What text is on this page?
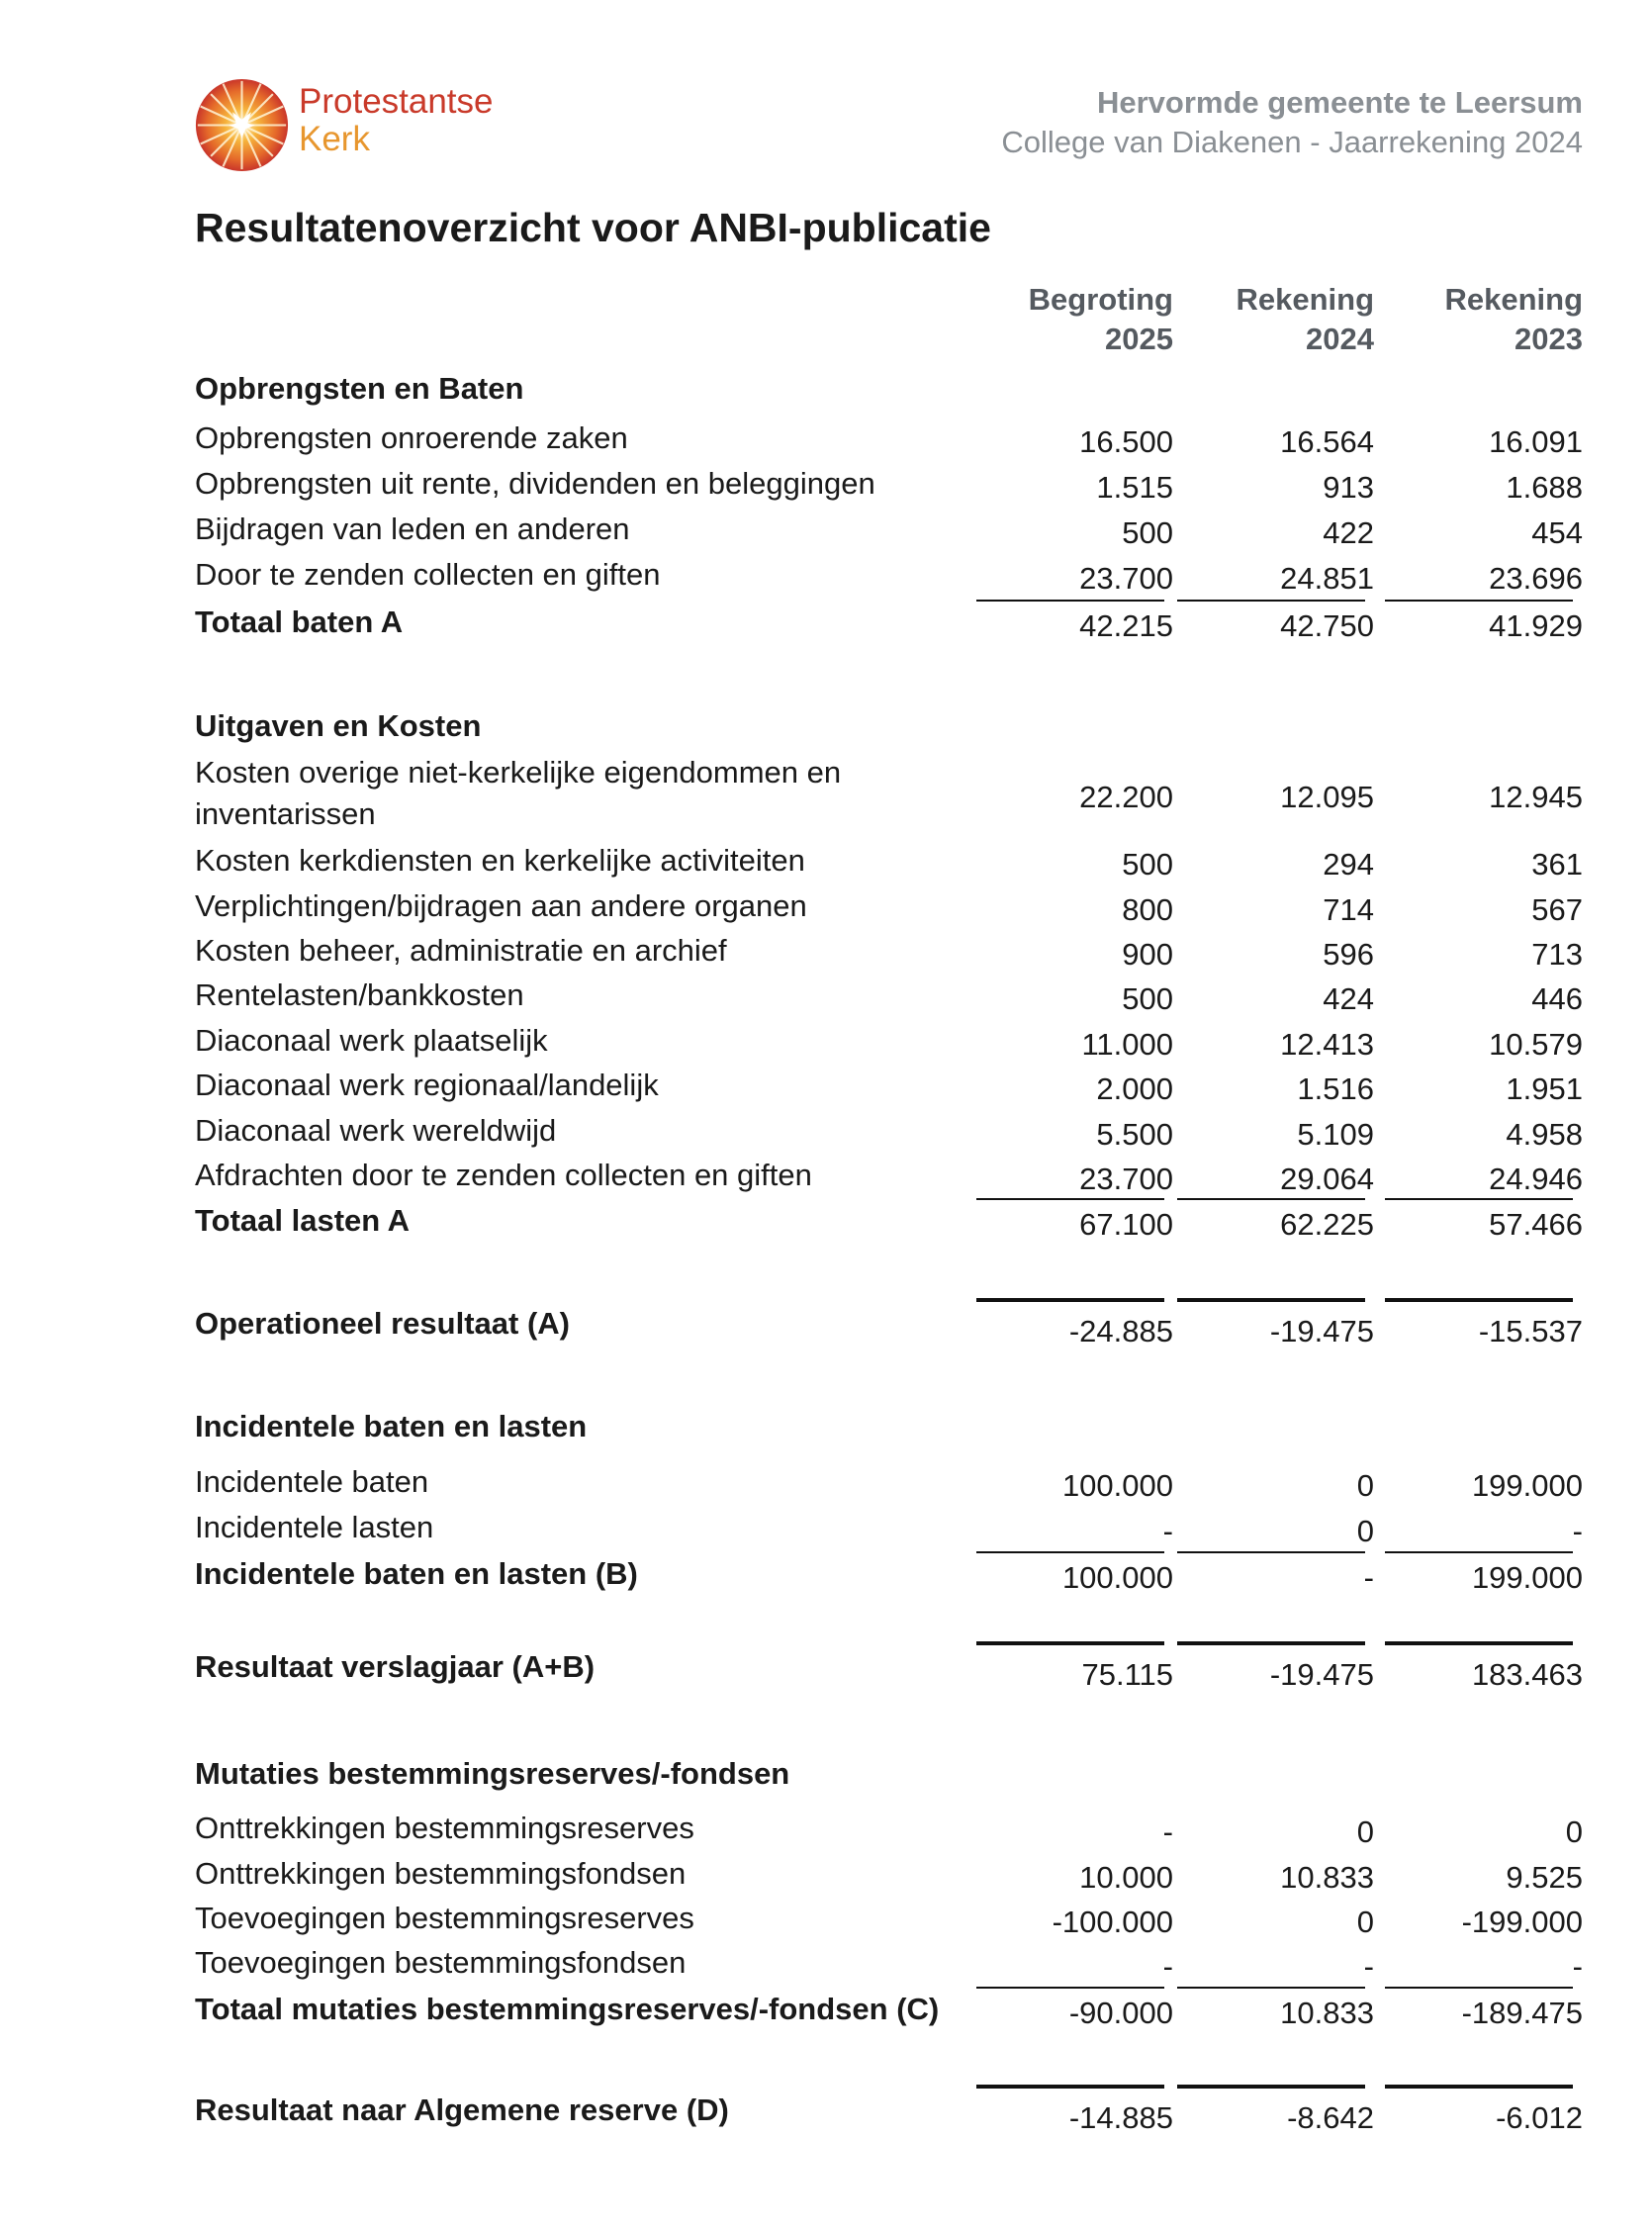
Protestantse
Kerk
Hervormde gemeente te Leersum
College van Diakenen - Jaarrekening 2024
Resultatenoverzicht voor ANBI-publicatie
Begroting
2025
Rekening
2024
Rekening
2023
Opbrengsten en Baten
Opbrengsten onroerende zaken	16.500	16.564	16.091
Opbrengsten uit rente, dividenden en beleggingen	1.515	913	1.688
Bijdragen van leden en anderen	500	422	454
Door te zenden collecten en giften	23.700	24.851	23.696
Totaal baten A	42.215	42.750	41.929
Uitgaven en Kosten
Kosten overige niet-kerkelijke eigendommen en inventarissen	22.200	12.095	12.945
Kosten kerkdiensten en kerkelijke activiteiten	500	294	361
Verplichtingen/bijdragen aan andere organen	800	714	567
Kosten beheer, administratie en archief	900	596	713
Rentelasten/bankkosten	500	424	446
Diaconaal werk plaatselijk	11.000	12.413	10.579
Diaconaal werk regionaal/landelijk	2.000	1.516	1.951
Diaconaal werk wereldwijd	5.500	5.109	4.958
Afdrachten door te zenden collecten en giften	23.700	29.064	24.946
Totaal lasten A	67.100	62.225	57.466
Operationeel resultaat (A)	-24.885	-19.475	-15.537
Incidentele baten en lasten
Incidentele baten	100.000	0	199.000
Incidentele lasten	-	0	-
Incidentele baten en lasten (B)	100.000	-	199.000
Resultaat verslagjaar (A+B)	75.115	-19.475	183.463
Mutaties bestemmingsreserves/-fondsen
Onttrekkingen bestemmingsreserves	-	0	0
Onttrekkingen bestemmingsfondsen	10.000	10.833	9.525
Toevoegingen bestemmingsreserves	-100.000	0	-199.000
Toevoegingen bestemmingsfondsen	-	-	-
Totaal mutaties bestemmingsreserves/-fondsen (C)	-90.000	10.833	-189.475
Resultaat naar Algemene reserve (D)	-14.885	-8.642	-6.012
